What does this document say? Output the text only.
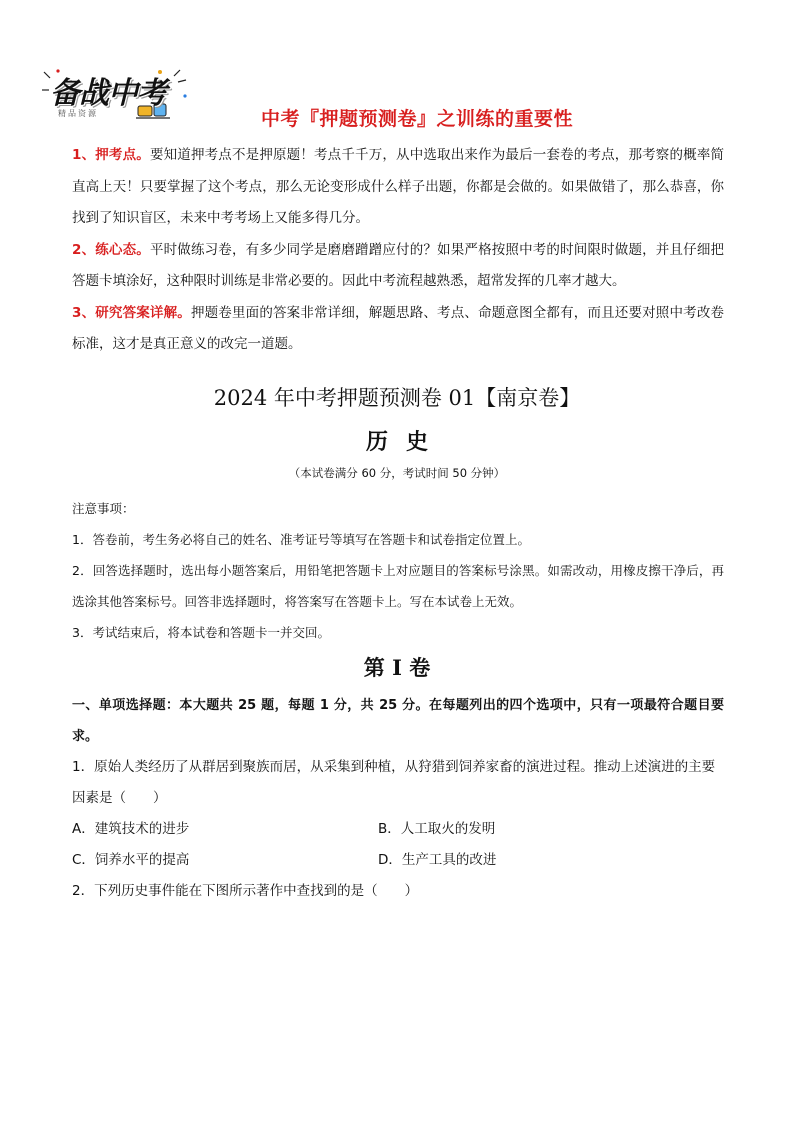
备战中考
精品资源	中考『押题预测卷』之训练的重要性

1、押考点。要知道押考点不是押原题！考点千千万，从中选取出来作为最后一套卷的考点，那考察的概率简直高上天！只要掌握了这个考点，那么无论变形成什么样子出题，你都是会做的。如果做错了，那么恭喜，你找到了知识盲区，未来中考考场上又能多得几分。

2、练心态。平时做练习卷，有多少同学是磨磨蹭蹭应付的？如果严格按照中考的时间限时做题，并且仔细把答题卡填涂好，这种限时训练是非常必要的。因此中考流程越熟悉，超常发挥的几率才越大。

3、研究答案详解。押题卷里面的答案非常详细，解题思路、考点、命题意图全都有，而且还要对照中考改卷标准，这才是真正意义的改完一道题。

2024 年中考押题预测卷 01【南京卷】
历史
（本试卷满分 60 分，考试时间 50 分钟）

注意事项：

1．答卷前，考生务必将自己的姓名、准考证号等填写在答题卡和试卷指定位置上。

2．回答选择题时，选出每小题答案后，用铅笔把答题卡上对应题目的答案标号涂黑。如需改动，用橡皮擦干净后，再选涂其他答案标号。回答非选择题时，将答案写在答题卡上。写在本试卷上无效。

3．考试结束后，将本试卷和答题卡一并交回。

第 I 卷

一、单项选择题：本大题共 25 题，每题 1 分，共 25 分。在每题列出的四个选项中，只有一项最符合题目要求。

1．原始人类经历了从群居到聚族而居，从采集到种植，从狩猎到饲养家畜的演进过程。推动上述演进的主要因素是（　　）

A．建筑技术的进步	B．人工取火的发明
C．饲养水平的提高	D．生产工具的改进

2．下列历史事件能在下图所示著作中查找到的是（　　）
